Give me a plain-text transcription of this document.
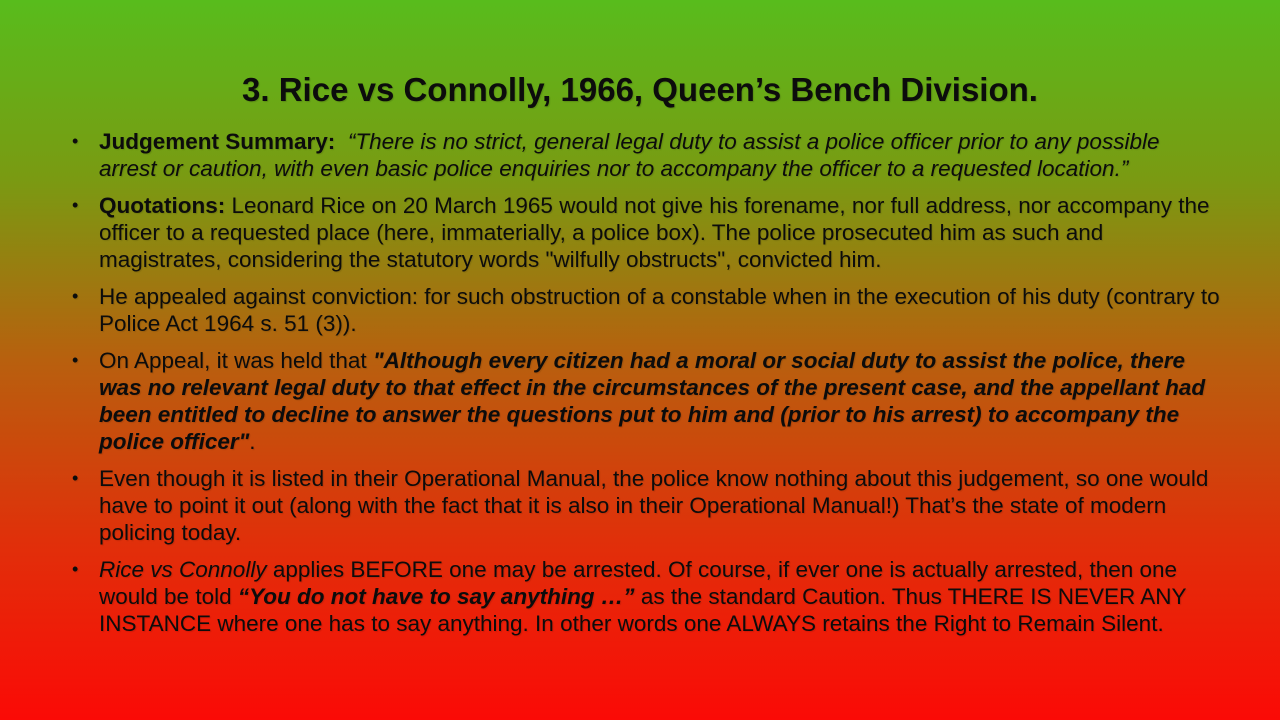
3. Rice vs Connolly, 1966, Queen’s Bench Division.
• Judgement Summary: “There is no strict, general legal duty to assist a police officer prior to any possible arrest or caution, with even basic police enquiries nor to accompany the officer to a requested location.”
• Quotations: Leonard Rice on 20 March 1965 would not give his forename, nor full address, nor accompany the officer to a requested place (here, immaterially, a police box). The police prosecuted him as such and magistrates, considering the statutory words "wilfully obstructs", convicted him.
• He appealed against conviction: for such obstruction of a constable when in the execution of his duty (contrary to Police Act 1964 s. 51 (3)).
• On Appeal, it was held that "Although every citizen had a moral or social duty to assist the police, there was no relevant legal duty to that effect in the circumstances of the present case, and the appellant had been entitled to decline to answer the questions put to him and (prior to his arrest) to accompany the police officer".
• Even though it is listed in their Operational Manual, the police know nothing about this judgement, so one would have to point it out (along with the fact that it is also in their Operational Manual!) That’s the state of modern policing today.
• Rice vs Connolly applies BEFORE one may be arrested. Of course, if ever one is actually arrested, then one would be told “You do not have to say anything …” as the standard Caution. Thus THERE IS NEVER ANY INSTANCE where one has to say anything. In other words one ALWAYS retains the Right to Remain Silent.
